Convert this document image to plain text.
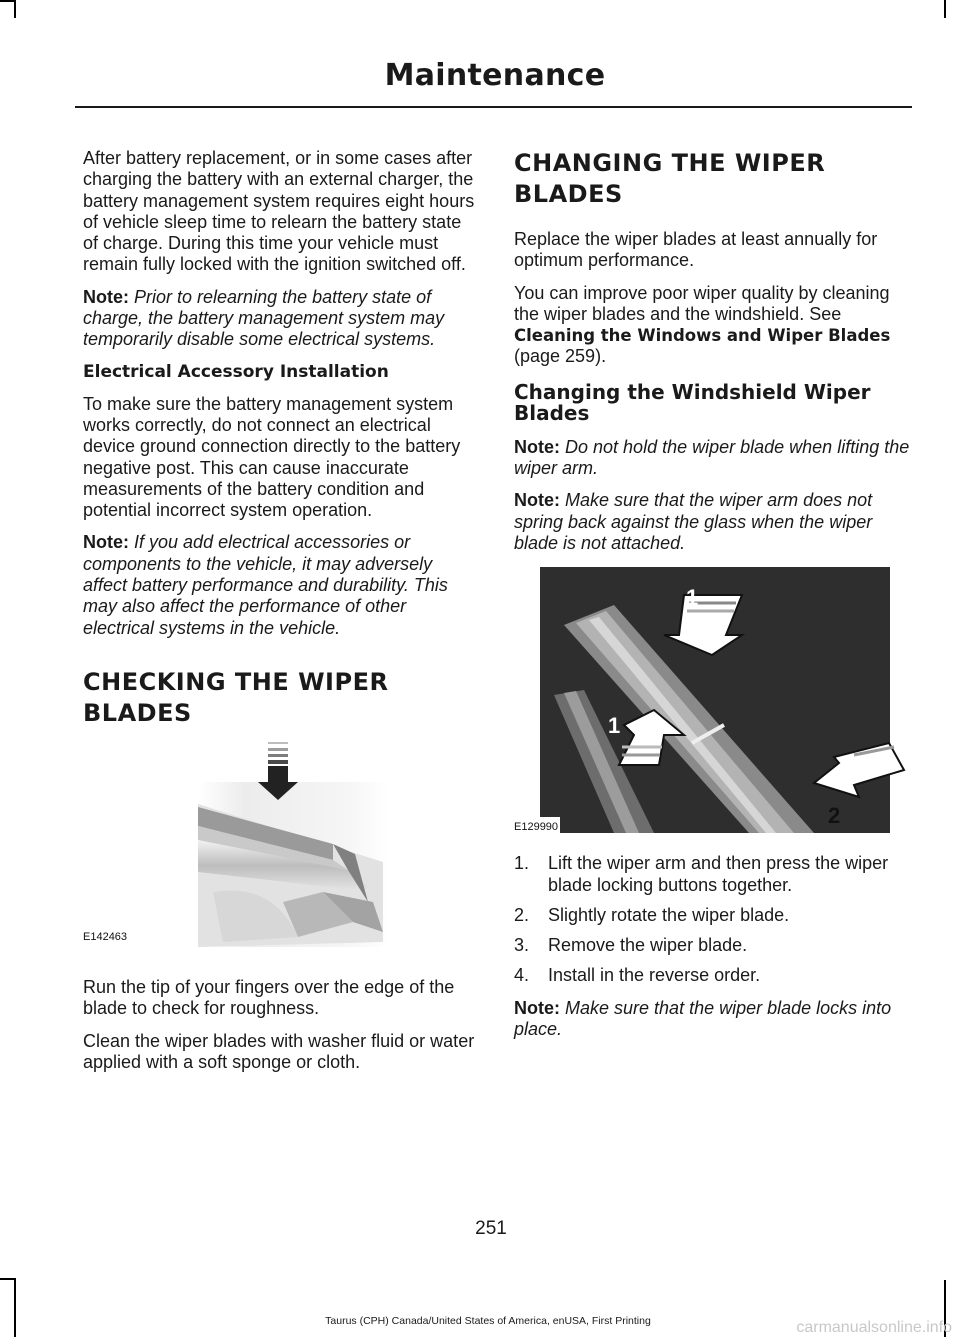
Maintenance

After battery replacement, or in some cases after charging the battery with an external charger, the battery management system requires eight hours of vehicle sleep time to relearn the battery state of charge. During this time your vehicle must remain fully locked with the ignition switched off.

Note: Prior to relearning the battery state of charge, the battery management system may temporarily disable some electrical systems.

Electrical Accessory Installation

To make sure the battery management system works correctly, do not connect an electrical device ground connection directly to the battery negative post. This can cause inaccurate measurements of the battery condition and potential incorrect system operation.

Note: If you add electrical accessories or components to the vehicle, it may adversely affect battery performance and durability. This may also affect the performance of other electrical systems in the vehicle.

CHECKING THE WIPER BLADES
E142463

Run the tip of your fingers over the edge of the blade to check for roughness.

Clean the wiper blades with washer fluid or water applied with a soft sponge or cloth.

CHANGING THE WIPER BLADES

Replace the wiper blades at least annually for optimum performance.

You can improve poor wiper quality by cleaning the wiper blades and the windshield. See Cleaning the Windows and Wiper Blades (page 259).

Changing the Windshield Wiper Blades

Note: Do not hold the wiper blade when lifting the wiper arm.

Note: Make sure that the wiper arm does not spring back against the glass when the wiper blade is not attached.

1
1
2
E129990
1. Lift the wiper arm and then press the wiper blade locking buttons together.
2. Slightly rotate the wiper blade.
3. Remove the wiper blade.
4. Install in the reverse order.

Note: Make sure that the wiper blade locks into place.

251
Taurus (CPH) Canada/United States of America, enUSA, First Printing	carmanualsonline.info
